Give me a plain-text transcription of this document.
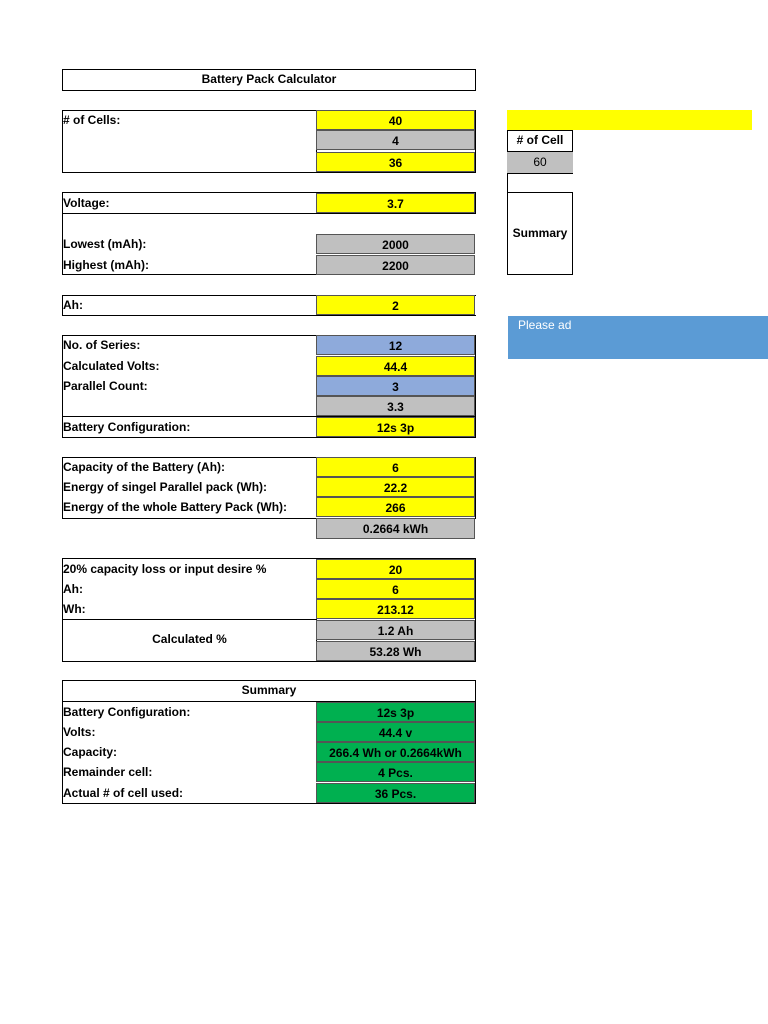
Battery Pack Calculator
# of Cells:	40
4
36
Voltage:	3.7
Lowest (mAh):	2000
Highest (mAh):	2200
Ah:	2
No. of Series:	12
Calculated Volts:	44.4
Parallel Count:	3
3.3
Battery Configuration:	12s 3p
Capacity of the Battery (Ah):	6
Energy of singel Parallel pack (Wh):	22.2
Energy of the whole Battery Pack (Wh):	266
0.2664 kWh
20% capacity loss or input desire %	20
Ah:	6
Wh:	213.12
Calculated %
1.2 Ah
53.28 Wh
Summary
Battery Configuration:	12s 3p
Volts:	44.4 v
Capacity:	266.4 Wh or 0.2664kWh
Remainder cell:	4 Pcs.
Actual # of cell used:	36 Pcs.
# of Cell
60
Summary
Please ad
